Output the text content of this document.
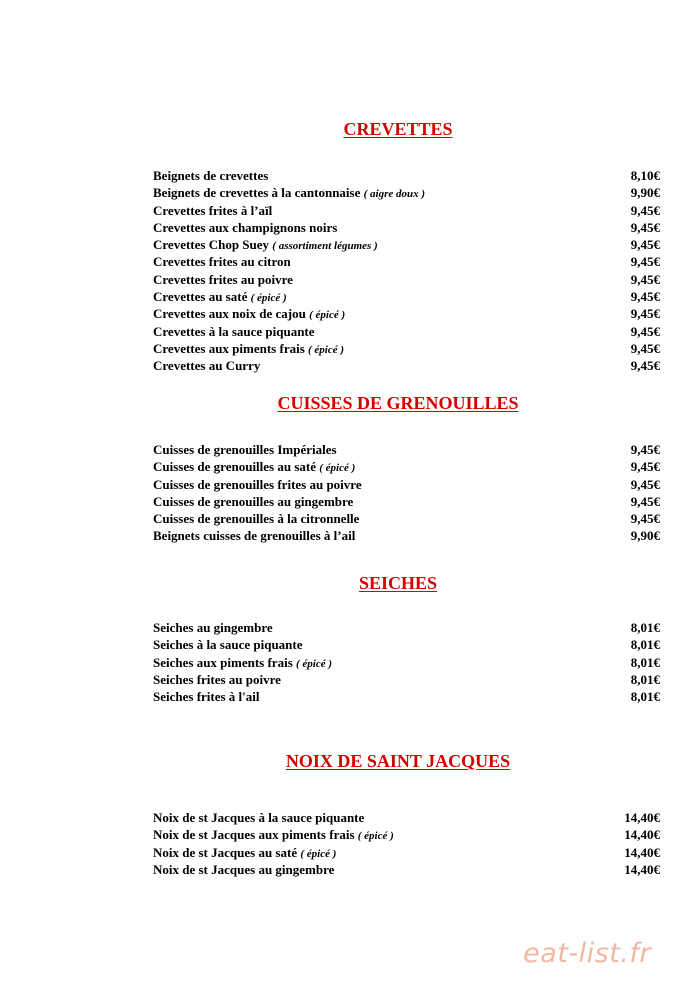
CREVETTES
Beignets de crevettes	8,10€
Beignets de crevettes à la cantonnaise ( aigre doux )	9,90€
Crevettes frites à l’aïl	9,45€
Crevettes aux champignons noirs	9,45€
Crevettes Chop Suey ( assortiment légumes )	9,45€
Crevettes frites au citron	9,45€
Crevettes frites au poivre	9,45€
Crevettes au saté ( épicé )	9,45€
Crevettes aux noix de cajou ( épicé )	9,45€
Crevettes à la sauce piquante	9,45€
Crevettes aux piments frais ( épicé )	9,45€
Crevettes au Curry	9,45€
CUISSES DE GRENOUILLES
Cuisses de grenouilles Impériales	9,45€
Cuisses de grenouilles au saté ( épicé )	9,45€
Cuisses de grenouilles frites au poivre	9,45€
Cuisses de grenouilles au gingembre	9,45€
Cuisses de grenouilles à la citronnelle	9,45€
Beignets cuisses de grenouilles à l’ail	9,90€
SEICHES
Seiches au gingembre	8,01€
Seiches à la sauce piquante	8,01€
Seiches aux piments frais ( épicé )	8,01€
Seiches frites au poivre	8,01€
Seiches frites à l'ail	8,01€
NOIX DE SAINT JACQUES
Noix de st Jacques à la sauce piquante	14,40€
Noix de st Jacques aux piments frais ( épicé )	14,40€
Noix de st Jacques au saté ( épicé )	14,40€
Noix de st Jacques au gingembre	14,40€
eat-list.fr
